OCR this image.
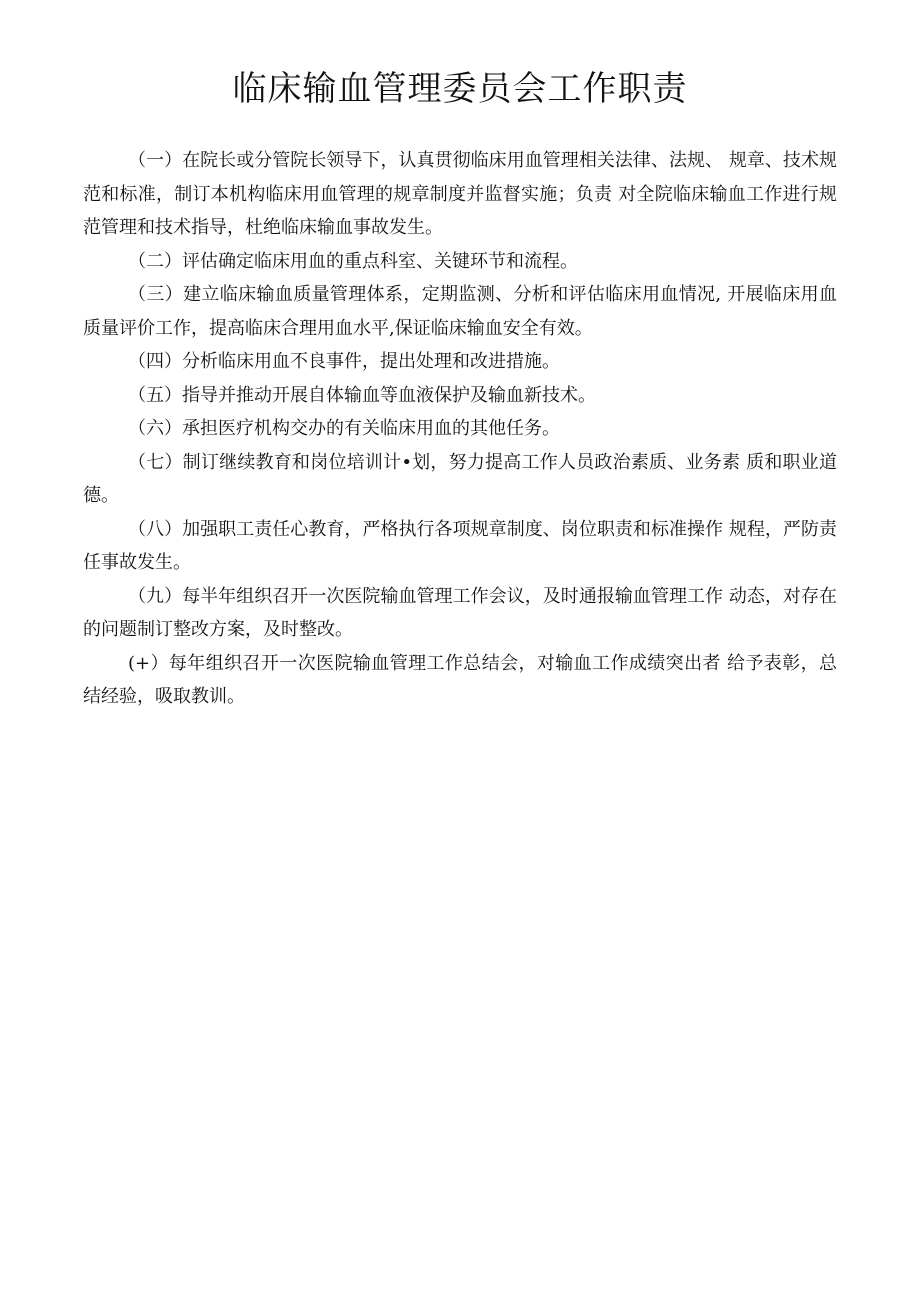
临床输血管理委员会工作职责

（一）在院长或分管院长领导下，认真贯彻临床用血管理相关法律、法规、 规章、技术规范和标准，制订本机构临床用血管理的规章制度并监督实施；负责 对全院临床输血工作进行规范管理和技术指导，杜绝临床输血事故发生。

（二）评估确定临床用血的重点科室、关键环节和流程。

（三）建立临床输血质量管理体系，定期监测、分析和评估临床用血情况, 开展临床用血质量评价工作，提高临床合理用血水平,保证临床输血安全有效。

（四）分析临床用血不良事件，提出处理和改进措施。

（五）指导并推动开展自体输血等血液保护及输血新技术。

（六）承担医疗机构交办的有关临床用血的其他任务。

（七）制订继续教育和岗位培训计•划，努力提高工作人员政治素质、业务素 质和职业道德。

（八）加强职工责任心教育，严格执行各项规章制度、岗位职责和标准操作 规程，严防责任事故发生。

（九）每半年组织召开一次医院输血管理工作会议，及时通报输血管理工作 动态，对存在的问题制订整改方案，及时整改。

(+）每年组织召开一次医院输血管理工作总结会，对输血工作成绩突出者 给予表彰，总结经验，吸取教训。
